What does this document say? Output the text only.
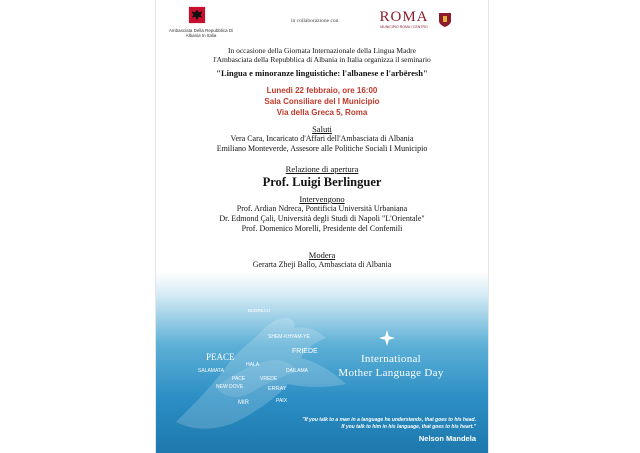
Ambasciata Della Repubblica Di Albania In Italia
in collaborazione con	ROMA
MUNICIPIO ROMA I CENTRO
In occasione della Giornata Internazionale della Lingua Madre
l'Ambasciata della Repubblica di Albania in Italia organizza il seminario
"Lingua e minoranze linguistiche: l'albanese e l'arbëresh"
Lunedì 22 febbraio, ore 16:00
Sala Consiliare del I Municipio
Via della Greca 5, Roma
Saluti
Vera Cara, Incaricato d'Affari dell'Ambasciata di Albania
Emiliano Monteverde, Assesore alle Politiche Sociali I Municipio
Relazione di apertura
Prof. Luigi Berlinguer
Intervengono
Prof. Ardian Ndreca, Pontificia Università Urbaniana
Dr. Edmond Çali, Università degli Studi di Napoli "L'Orientale"
Prof. Domenico Morelli, Presidente del Confemili
Modera
Gerarta Zheji Ballo, Ambasciata di Albania
BUDRECH
SHEM-KHYAM-YE
PEACE
FRIEDE
SALAMATA	DAILAMA
NEW DOVE	ERRAY
MIR
HALA
PACE	VREDE
PAIX
International
Mother Language Day
"If you talk to a man in a language he understands, that goes to his head.
If you talk to him in his language, that goes to his heart."
Nelson Mandela
